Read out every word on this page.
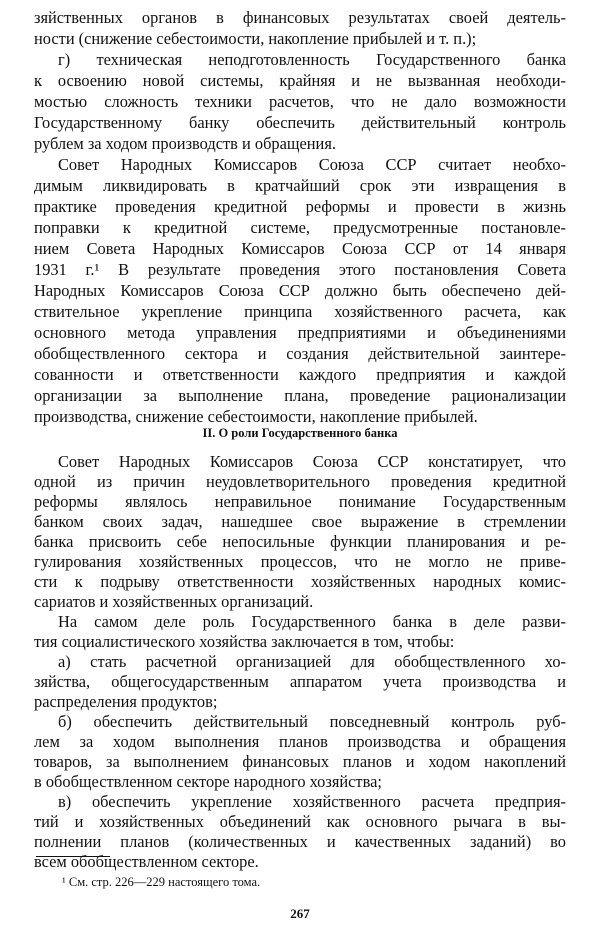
зяйственных органов в финансовых результатах своей деятель-
ности (снижение себестоимости, накопление прибылей и т. п.);
г) техническая неподготовленность Государственного банка
к освоению новой системы, крайняя и не вызванная необходи-
мостью сложность техники расчетов, что не дало возможности
Государственному банку обеспечить действительный контроль
рублем за ходом производств и обращения.
Совет Народных Комиссаров Союза ССР считает необхо-
димым ликвидировать в кратчайший срок эти извращения в
практике проведения кредитной реформы и провести в жизнь
поправки к кредитной системе, предусмотренные постановле-
нием Совета Народных Комиссаров Союза ССР от 14 января
1931 г.¹ В результате проведения этого постановления Совета
Народных Комиссаров Союза ССР должно быть обеспечено дей-
ствительное укрепление принципа хозяйственного расчета, как
основного метода управления предприятиями и объединениями
обобществленного сектора и создания действительной заинтере-
сованности и ответственности каждого предприятия и каждой
организации за выполнение плана, проведение рационализации
производства, снижение себестоимости, накопление прибылей.
II. О роли Государственного банка
Совет Народных Комиссаров Союза ССР констатирует, что
одной из причин неудовлетворительного проведения кредитной
реформы являлось неправильное понимание Государственным
банком своих задач, нашедшее свое выражение в стремлении
банка присвоить себе непосильные функции планирования и ре-
гулирования хозяйственных процессов, что не могло не приве-
сти к подрыву ответственности хозяйственных народных комис-
сариатов и хозяйственных организаций.
На самом деле роль Государственного банка в деле разви-
тия социалистического хозяйства заключается в том, чтобы:
а) стать расчетной организацией для обобществленного хо-
зяйства, общегосударственным аппаратом учета производства и
распределения продуктов;
б) обеспечить действительный повседневный контроль руб-
лем за ходом выполнения планов производства и обращения
товаров, за выполнением финансовых планов и ходом накоплений
в обобществленном секторе народного хозяйства;
¹ См. стр. 226—229 настоящего тома.
267
в) обеспечить укрепление хозяйственного расчета предприя-
тий и хозяйственных объединений как основного рычага в вы-
полнении планов (количественных и качественных заданий) во
всем обобществленном секторе.
